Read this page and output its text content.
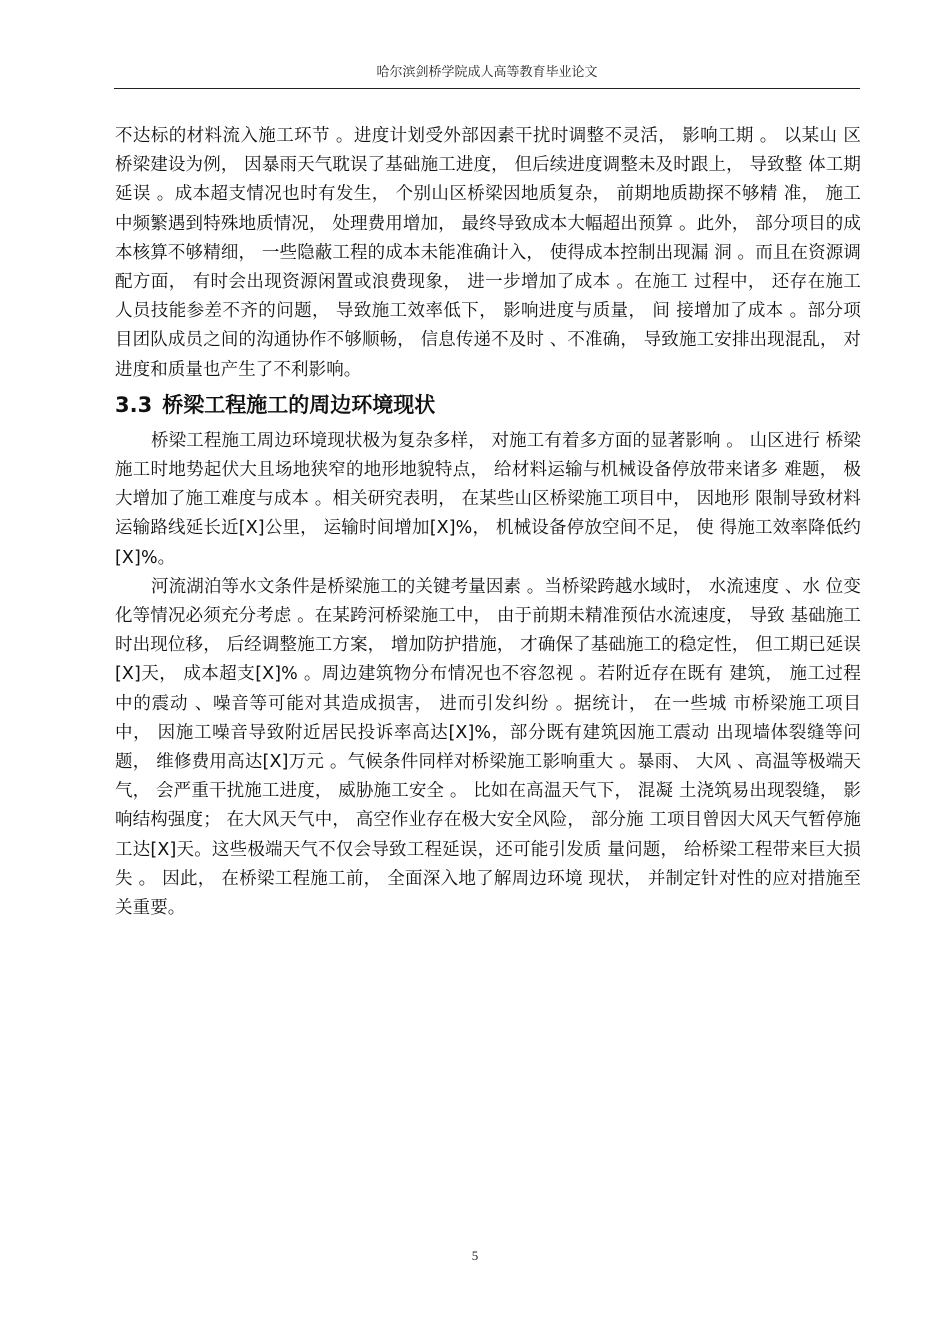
哈尔滨剑桥学院成人高等教育毕业论文

不达标的材料流入施工环节 。进度计划受外部因素干扰时调整不灵活， 影响工期 。 以某山 区桥梁建设为例， 因暴雨天气耽误了基础施工进度， 但后续进度调整未及时跟上， 导致整 体工期延误 。成本超支情况也时有发生， 个别山区桥梁因地质复杂， 前期地质勘探不够精 准， 施工中频繁遇到特殊地质情况， 处理费用增加， 最终导致成本大幅超出预算 。此外， 部分项目的成本核算不够精细， 一些隐蔽工程的成本未能准确计入， 使得成本控制出现漏 洞 。而且在资源调配方面， 有时会出现资源闲置或浪费现象， 进一步增加了成本 。在施工 过程中， 还存在施工人员技能参差不齐的问题， 导致施工效率低下， 影响进度与质量， 间 接增加了成本 。部分项目团队成员之间的沟通协作不够顺畅， 信息传递不及时 、不准确， 导致施工安排出现混乱， 对进度和质量也产生了不利影响。

3.3 桥梁工程施工的周边环境现状

桥梁工程施工周边环境现状极为复杂多样， 对施工有着多方面的显著影响 。 山区进行 桥梁施工时地势起伏大且场地狭窄的地形地貌特点， 给材料运输与机械设备停放带来诸多 难题， 极大增加了施工难度与成本 。相关研究表明， 在某些山区桥梁施工项目中， 因地形 限制导致材料运输路线延长近[X]公里， 运输时间增加[X]%， 机械设备停放空间不足， 使 得施工效率降低约[X]%。

河流湖泊等水文条件是桥梁施工的关键考量因素 。当桥梁跨越水域时， 水流速度 、水 位变化等情况必须充分考虑 。在某跨河桥梁施工中， 由于前期未精准预估水流速度， 导致 基础施工时出现位移， 后经调整施工方案， 增加防护措施， 才确保了基础施工的稳定性， 但工期已延误[X]天， 成本超支[X]% 。周边建筑物分布情况也不容忽视 。若附近存在既有 建筑， 施工过程中的震动 、噪音等可能对其造成损害， 进而引发纠纷 。据统计， 在一些城 市桥梁施工项目中， 因施工噪音导致附近居民投诉率高达[X]%，部分既有建筑因施工震动 出现墙体裂缝等问题， 维修费用高达[X]万元 。气候条件同样对桥梁施工影响重大 。暴雨、 大风 、高温等极端天气， 会严重干扰施工进度， 威胁施工安全 。 比如在高温天气下， 混凝 土浇筑易出现裂缝， 影响结构强度； 在大风天气中， 高空作业存在极大安全风险， 部分施 工项目曾因大风天气暂停施工达[X]天。这些极端天气不仅会导致工程延误，还可能引发质 量问题， 给桥梁工程带来巨大损失 。 因此， 在桥梁工程施工前， 全面深入地了解周边环境 现状， 并制定针对性的应对措施至关重要。

5
